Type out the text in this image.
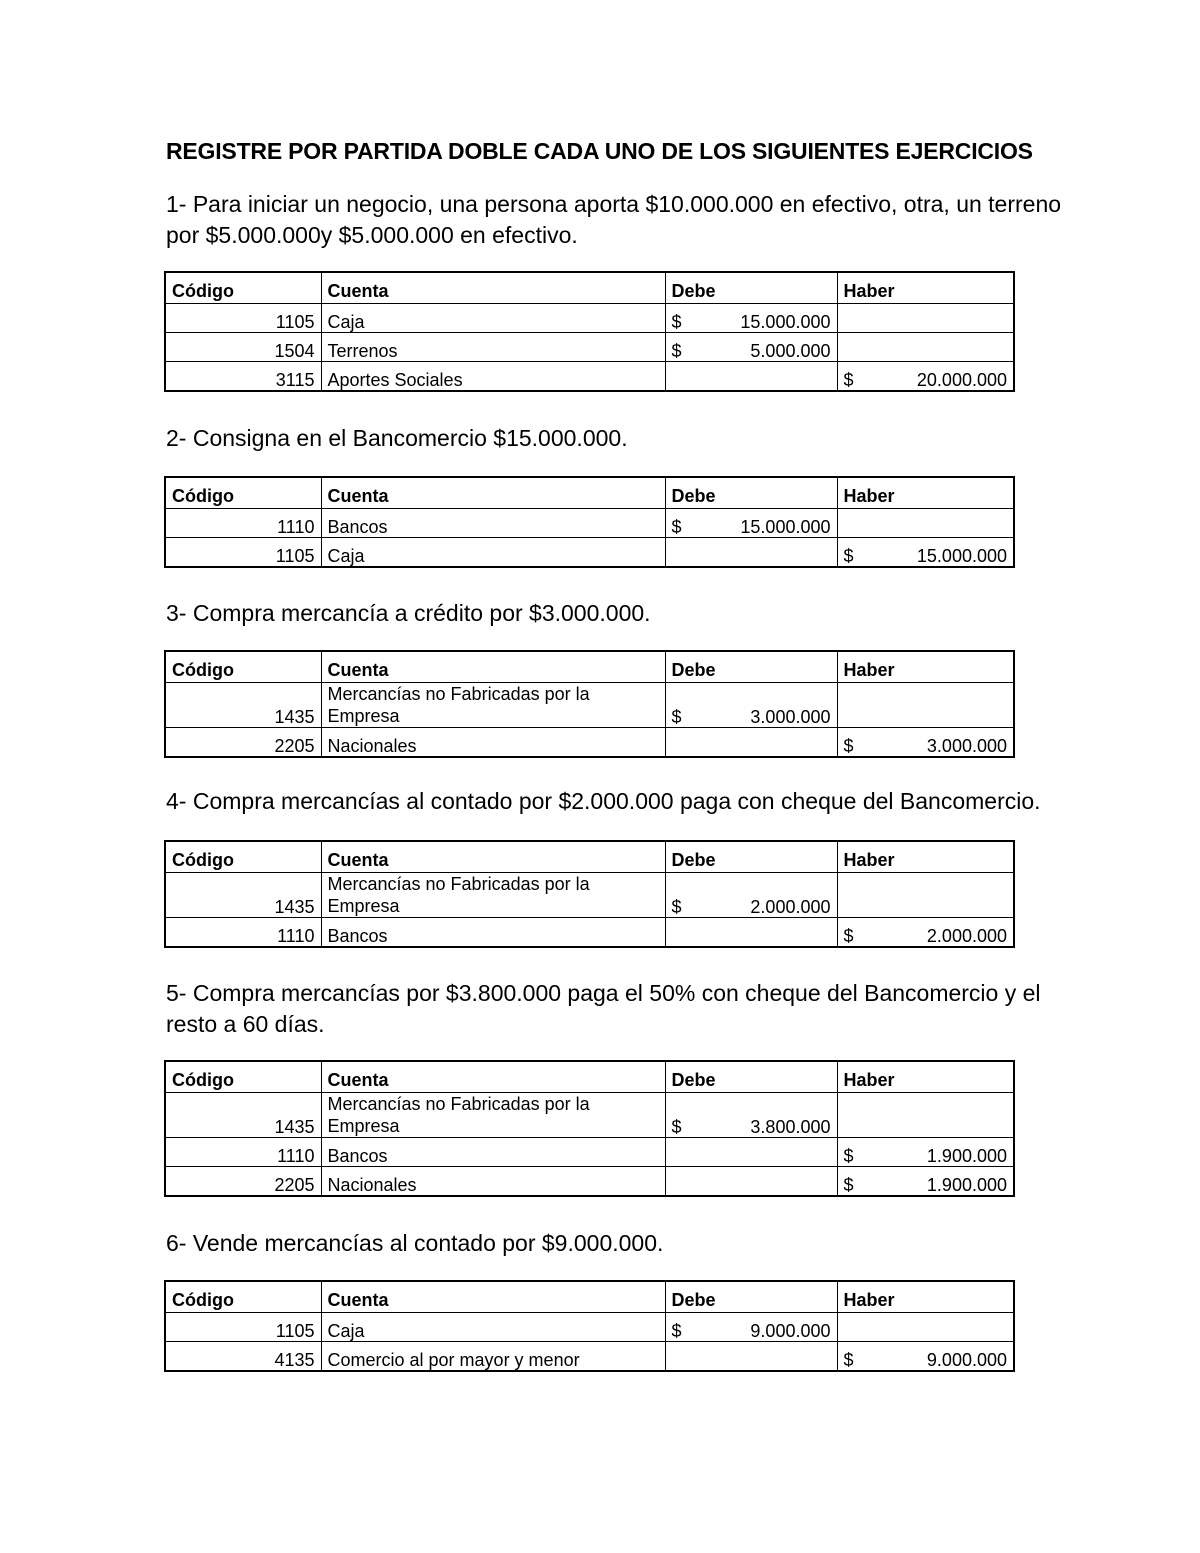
REGISTRE POR PARTIDA DOBLE CADA UNO DE LOS SIGUIENTES EJERCICIOS

1- Para iniciar un negocio, una persona aporta $10.000.000 en efectivo, otra, un terreno por $5.000.000y $5.000.000 en efectivo.

Código	Cuenta	Debe	Haber
1105	Caja	$ 15.000.000	

1504	Terrenos	$ 5.000.000	

3115	Aportes Sociales		$ 20.000.000

2- Consigna en el Bancomercio $15.000.000.

Código	Cuenta	Debe	Haber
1110	Bancos	$ 15.000.000	

1105	Caja		$ 15.000.000

3- Compra mercancía a crédito por $3.000.000.

Código	Cuenta	Debe	Haber
1435	Mercancías no Fabricadas por la Empresa	$ 3.000.000	

2205	Nacionales		$ 3.000.000

4- Compra mercancías al contado por $2.000.000 paga con cheque del Bancomercio.

Código	Cuenta	Debe	Haber
1435	Mercancías no Fabricadas por la Empresa	$ 2.000.000	

1110	Bancos		$ 2.000.000

5- Compra mercancías por $3.800.000 paga el 50% con cheque del Bancomercio y el resto a 60 días.

Código	Cuenta	Debe	Haber
1435	Mercancías no Fabricadas por la Empresa	$ 3.800.000	

1110	Bancos		$ 1.900.000

2205	Nacionales		$ 1.900.000

6- Vende mercancías al contado por $9.000.000.

Código	Cuenta	Debe	Haber
1105	Caja	$ 9.000.000	

4135	Comercio al por mayor y menor		$ 9.000.000
